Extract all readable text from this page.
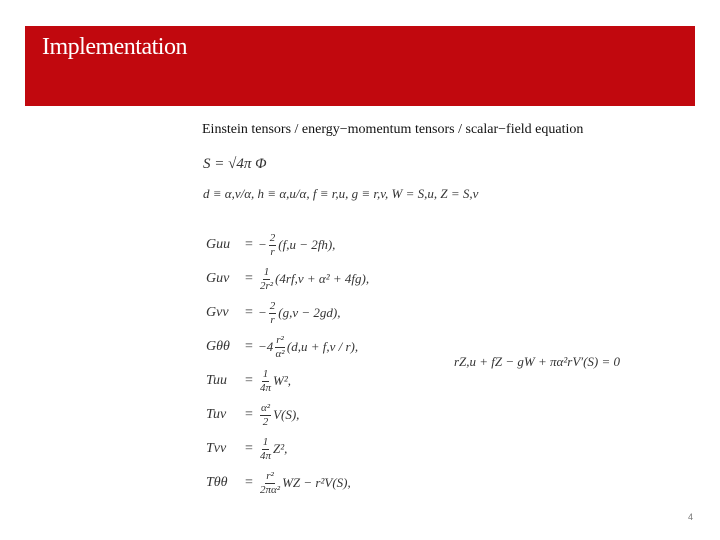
Implementation
Einstein tensors / energy−momentum tensors / scalar−field equation
S = √4π Φ
d ≡ α,v/α, h ≡ α,u/α, f ≡ r,u, g ≡ r,v, W = S,u, Z = S,v
Guu	= − $\frac{2}{r} (f,u - 2fh)$,
Guv	= $\frac{1}{\text{2r²}} (4rf,v + \alpha^2 + 4fg)$,
Gvv	= − $\frac{2}{r} (g,v - 2gd)$,
Gθθ	= $-4 \frac{\text{r²}}{\text{α²}} (d,u + f,v / r)$,
Tuu	= $\frac{1}{4\pi} W^2$,
Tuv	= $\frac{\text{α²}}{2} V(S)$,
Tvv	= $\frac{1}{4\pi} Z^2$,
Tθθ	= $\frac{\text{r²}}{\text{2πα²}}$ WZ − r²V(S),
rZ,u + fZ − gW + πα²rV′(S) = 0
4
